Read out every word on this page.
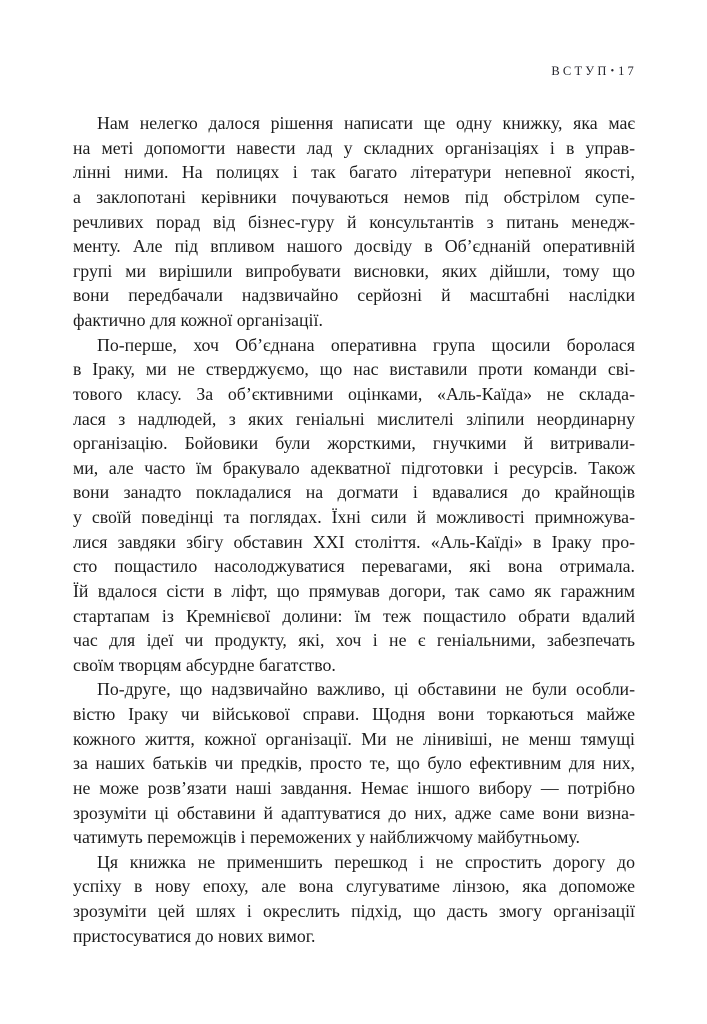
ВСТУП• 17
Нам нелегко далося рішення написати ще одну книжку, яка має
на меті допомогти навести лад у складних організаціях і в управ-
лінні ними. На полицях і так багато літератури непевної якості,
а заклопотані керівники почуваються немов під обстрілом супе-
речливих порад від бізнес-гуру й консультантів з питань менедж-
менту. Але під впливом нашого досвіду в Об’єднаній оперативній
групі ми вирішили випробувати висновки, яких дійшли, тому що
вони передбачали надзвичайно серйозні й масштабні наслідки
фактично для кожної організації.
По-перше, хоч Об’єднана оперативна група щосили боролася
в Іраку, ми не стверджуємо, що нас виставили проти команди сві-
тового класу. За об’єктивними оцінками, «Аль-Каїда» не склада-
лася з надлюдей, з яких геніальні мислителі зліпили неординарну
організацію. Бойовики були жорсткими, гнучкими й витривали-
ми, але часто їм бракувало адекватної підготовки і ресурсів. Також
вони занадто покладалися на догмати і вдавалися до крайнощів
у своїй поведінці та поглядах. Їхні сили й можливості примножува-
лися завдяки збігу обставин XXI століття. «Аль-Каїді» в Іраку про-
сто пощастило насолоджуватися перевагами, які вона отримала.
Їй вдалося сісти в ліфт, що прямував догори, так само як гаражним
стартапам із Кремнієвої долини: їм теж пощастило обрати вдалий
час для ідеї чи продукту, які, хоч і не є геніальними, забезпечать
своїм творцям абсурдне багатство.
По-друге, що надзвичайно важливо, ці обставини не були особли-
вістю Іраку чи військової справи. Щодня вони торкаються майже
кожного життя, кожної організації. Ми не лінивіші, не менш тямущі
за наших батьків чи предків, просто те, що було ефективним для них,
не може розв’язати наші завдання. Немає іншого вибору — потрібно
зрозуміти ці обставини й адаптуватися до них, адже саме вони визна-
чатимуть переможців і переможених у найближчому майбутньому.
Ця книжка не применшить перешкод і не спростить дорогу до
успіху в нову епоху, але вона слугуватиме лінзою, яка допоможе
зрозуміти цей шлях і окреслить підхід, що дасть змогу організації
пристосуватися до нових вимог.
